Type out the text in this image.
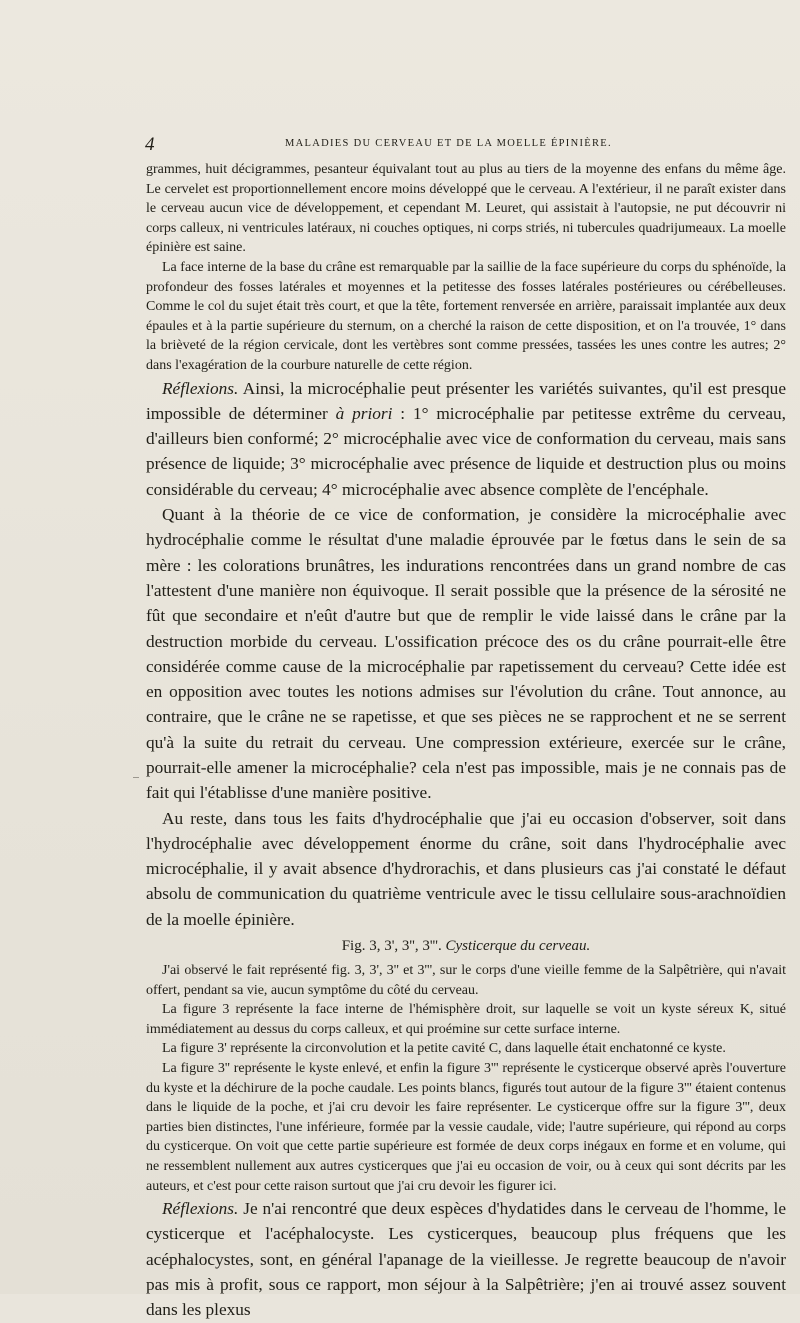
4	MALADIES DU CERVEAU ET DE LA MOELLE ÉPINIÈRE.

grammes, huit décigrammes, pesanteur équivalant tout au plus au tiers de la moyenne des enfans du même âge. Le cervelet est proportionnellement encore moins développé que le cerveau. A l'extérieur, il ne paraît exister dans le cerveau aucun vice de développement, et cependant M. Leuret, qui assistait à l'autopsie, ne put découvrir ni corps calleux, ni ventricules latéraux, ni couches optiques, ni corps striés, ni tubercules quadrijumeaux. La moelle épinière est saine.

La face interne de la base du crâne est remarquable par la saillie de la face supérieure du corps du sphénoïde, la profondeur des fosses latérales et moyennes et la petitesse des fosses latérales postérieures ou cérébelleuses. Comme le col du sujet était très court, et que la tête, fortement renversée en arrière, paraissait implantée aux deux épaules et à la partie supérieure du sternum, on a cherché la raison de cette disposition, et on l'a trouvée, 1° dans la brièveté de la région cervicale, dont les vertèbres sont comme pressées, tassées les unes contre les autres; 2° dans l'exagération de la courbure naturelle de cette région.

Réflexions. Ainsi, la microcéphalie peut présenter les variétés suivantes, qu'il est presque impossible de déterminer à priori : 1° microcéphalie par petitesse extrême du cerveau, d'ailleurs bien conformé; 2° microcéphalie avec vice de conformation du cerveau, mais sans présence de liquide; 3° microcéphalie avec présence de liquide et destruction plus ou moins considérable du cerveau; 4° microcéphalie avec absence complète de l'encéphale.

Quant à la théorie de ce vice de conformation, je considère la microcéphalie avec hydrocéphalie comme le résultat d'une maladie éprouvée par le fœtus dans le sein de sa mère : les colorations brunâtres, les indurations rencontrées dans un grand nombre de cas l'attestent d'une manière non équivoque. Il serait possible que la présence de la sérosité ne fût que secondaire et n'eût d'autre but que de remplir le vide laissé dans le crâne par la destruction morbide du cerveau. L'ossification précoce des os du crâne pourrait-elle être considérée comme cause de la microcéphalie par rapetissement du cerveau? Cette idée est en opposition avec toutes les notions admises sur l'évolution du crâne. Tout annonce, au contraire, que le crâne ne se rapetisse, et que ses pièces ne se rapprochent et ne se serrent qu'à la suite du retrait du cerveau. Une compression extérieure, exercée sur le crâne, pourrait-elle amener la microcéphalie? cela n'est pas impossible, mais je ne connais pas de fait qui l'établisse d'une manière positive.

Au reste, dans tous les faits d'hydrocéphalie que j'ai eu occasion d'observer, soit dans l'hydrocéphalie avec développement énorme du crâne, soit dans l'hydrocéphalie avec microcéphalie, il y avait absence d'hydrorachis, et dans plusieurs cas j'ai constaté le défaut absolu de communication du quatrième ventricule avec le tissu cellulaire sous-arachnoïdien de la moelle épinière.

Fig. 3, 3', 3'', 3'''. Cysticerque du cerveau.

J'ai observé le fait représenté fig. 3, 3', 3'' et 3''', sur le corps d'une vieille femme de la Salpêtrière, qui n'avait offert, pendant sa vie, aucun symptôme du côté du cerveau.

La figure 3 représente la face interne de l'hémisphère droit, sur laquelle se voit un kyste séreux K, situé immédiatement au dessus du corps calleux, et qui proémine sur cette surface interne.

La figure 3' représente la circonvolution et la petite cavité C, dans laquelle était enchatonné ce kyste.

La figure 3'' représente le kyste enlevé, et enfin la figure 3''' représente le cysticerque observé après l'ouverture du kyste et la déchirure de la poche caudale. Les points blancs, figurés tout autour de la figure 3''' étaient contenus dans le liquide de la poche, et j'ai cru devoir les faire représenter. Le cysticerque offre sur la figure 3''', deux parties bien distinctes, l'une inférieure, formée par la vessie caudale, vide; l'autre supérieure, qui répond au corps du cysticerque. On voit que cette partie supérieure est formée de deux corps inégaux en forme et en volume, qui ne ressemblent nullement aux autres cysticerques que j'ai eu occasion de voir, ou à ceux qui sont décrits par les auteurs, et c'est pour cette raison surtout que j'ai cru devoir les figurer ici.

Réflexions. Je n'ai rencontré que deux espèces d'hydatides dans le cerveau de l'homme, le cysticerque et l'acéphalocyste. Les cysticerques, beaucoup plus fréquens que les acéphalocystes, sont, en général l'apanage de la vieillesse. Je regrette beaucoup de n'avoir pas mis à profit, sous ce rapport, mon séjour à la Salpêtrière; j'en ai trouvé assez souvent dans les plexus
